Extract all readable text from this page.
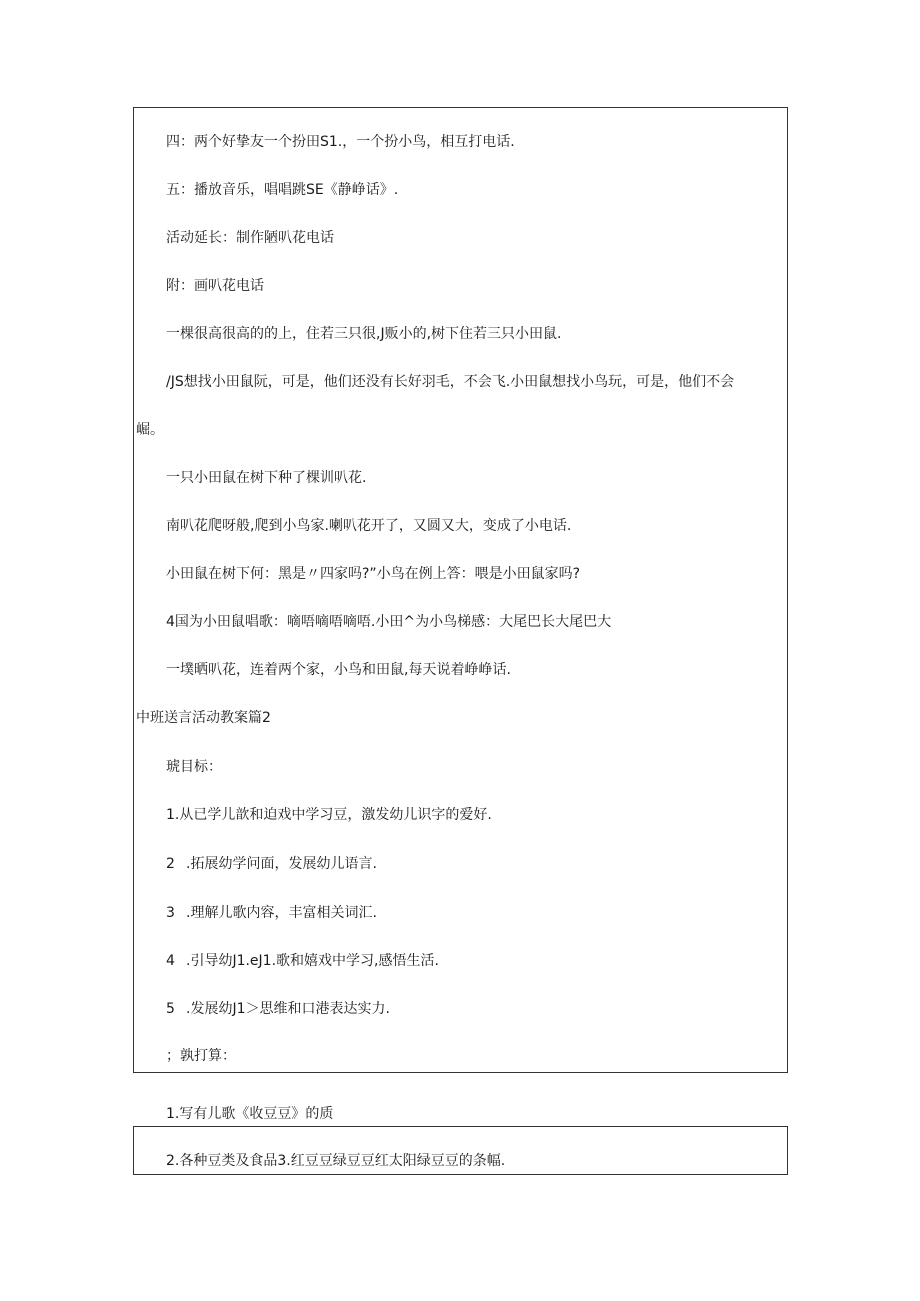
四：两个好挚友一个扮田S1.，一个扮小鸟，相互打电话.
五：播放音乐，唱唱跳SE《静峥话》.
活动延长：制作陋叭花电话
附：画叭花电话
一棵很高很高的的上，住若三只很,J贩小的,树下住若三只小田鼠.
/JS想找小田鼠阮，可是，他们还没有长好羽毛，不会飞.小田鼠想找小鸟玩，可是，他们不会
崛。
一只小田鼠在树下种了棵训叭花.
南叭花爬呀般,爬到小鸟家.喇叭花开了，又圆又大，变成了小电话.
小田鼠在树下何：黑是〃四家吗?”小鸟在例上答：喂是小田鼠家吗?
4国为小田鼠唱歌：嘀唔嘀唔嘀唔.小田^为小鸟梯感：大尾巴长大尾巴大
一墣晒叭花，连着两个家，小鸟和田鼠,每天说着峥峥话.
中班送言活动教案篇2
琥目标：
1.从已学儿歆和迫戏中学习豆，激发幼儿识字的爱好.
2 .拓展幼学问面，发展幼儿语言.
3 .理解儿歌内容，丰富相关词汇.
4 .引导幼J1.eJ1.歌和嬉戏中学习,感悟生活.
5 .发展幼J1＞思维和口港表达实力.
；孰打算：
1.写有儿歌《收豆豆》的质
2.各种豆类及食品3.红豆豆绿豆豆红太阳绿豆豆的条幅.
